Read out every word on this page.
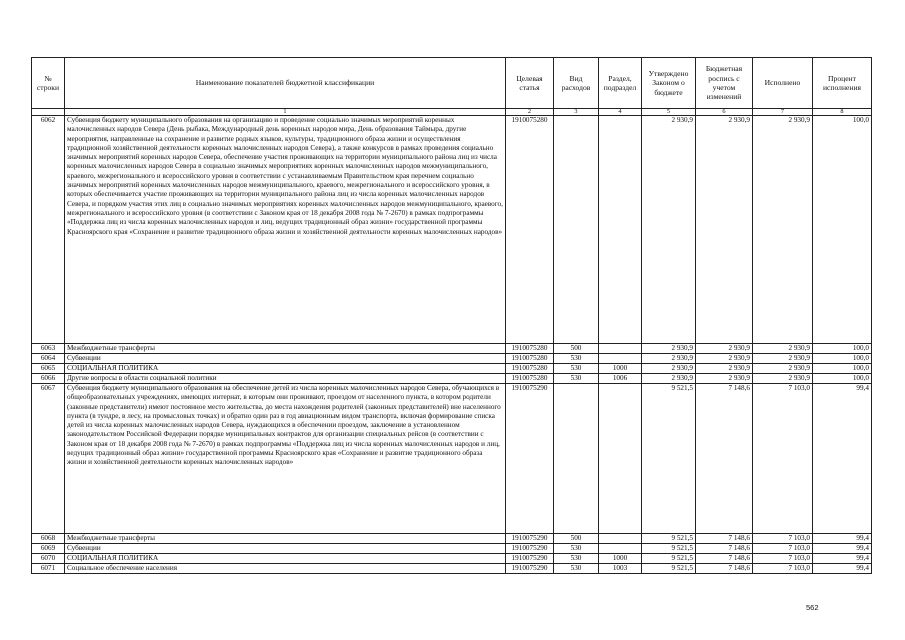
№ строки	Наименование показателей бюджетной классификации	Целевая статья	Вид расходов	Раздел, подраздел	Утверждено Законом о бюджете	Бюджетная роспись с учетом изменений	Исполнено	Процент исполнения
	1	2	3	4	5	6	7	8
6062	Субвенция бюджету муниципального образования на организацию и проведение социально значимых мероприятий коренных малочисленных народов Севера (День рыбака, Международный день коренных народов мира, День образования Таймыра, другие мероприятия, направленные на сохранение и развитие родных языков, культуры, традиционного образа жизни и осуществления традиционной хозяйственной деятельности коренных малочисленных народов Севера), а также конкурсов в рамках проведения социально значимых мероприятий коренных народов Севера, обеспечение участия проживающих на территории муниципального района лиц из числа коренных малочисленных народов Севера в социально значимых мероприятиях коренных малочисленных народов межмуниципального, краевого, межрегионального и всероссийского уровня в соответствии с устанавливаемым Правительством края перечнем социально значимых мероприятий коренных малочисленных народов межмуниципального, краевого, межрегионального и всероссийского уровня, в которых обеспечивается участие проживающих на территории муниципального района лиц из числа коренных малочисленных народов Севера, и порядком участия этих лиц в социально значимых мероприятиях коренных малочисленных народов межмуниципального, краевого, межрегионального и всероссийского уровня (в соответствии с Законом края от 18 декабря 2008 года № 7-2670) в рамках подпрограммы «Поддержка лиц из числа коренных малочисленных народов и лиц, ведущих традиционный образ жизни» государственной программы Красноярского края «Сохранение и развитие традиционного образа жизни и хозяйственной деятельности коренных малочисленных народов»	1910075280			2 930,9	2 930,9	2 930,9	100,0
6063	Межбюджетные трансферты	1910075280	500		2 930,9	2 930,9	2 930,9	100,0
6064	Субвенции	1910075280	530		2 930,9	2 930,9	2 930,9	100,0
6065	СОЦИАЛЬНАЯ ПОЛИТИКА	1910075280	530	1000	2 930,9	2 930,9	2 930,9	100,0
6066	Другие вопросы в области социальной политики	1910075280	530	1006	2 930,9	2 930,9	2 930,9	100,0
6067	Субвенция бюджету муниципального образования на обеспечение детей из числа коренных малочисленных народов Севера, обучающихся в общеобразовательных учреждениях, имеющих интернат, в которым они проживают, проездом от населенного пункта, в котором родители (законные представители) имеют постоянное место жительства, до места нахождения родителей (законных представителей) вне населенного пункта (в тундре, в лесу, на промысловых точках) и обратно один раз в год авиационным видом транспорта, включая формирование списка детей из числа коренных малочисленных народов Севера, нуждающихся в обеспечении проездом, заключение в установленном законодательством Российской Федерации порядке муниципальных контрактов для организации специальных рейсов (в соответствии с Законом края от 18 декабря 2008 года № 7-2670) в рамках подпрограммы «Поддержка лиц из числа коренных малочисленных народов и лиц, ведущих традиционный образ жизни» государственной программы Красноярского края «Сохранение и развитие традиционного образа жизни и хозяйственной деятельности коренных малочисленных народов»	1910075290			9 521,5	7 148,6	7 103,0	99,4
6068	Межбюджетные трансферты	1910075290	500		9 521,5	7 148,6	7 103,0	99,4
6069	Субвенции	1910075290	530		9 521,5	7 148,6	7 103,0	99,4
6070	СОЦИАЛЬНАЯ ПОЛИТИКА	1910075290	530	1000	9 521,5	7 148,6	7 103,0	99,4
6071	Социальное обеспечение населения	1910075290	530	1003	9 521,5	7 148,6	7 103,0	99,4
562
